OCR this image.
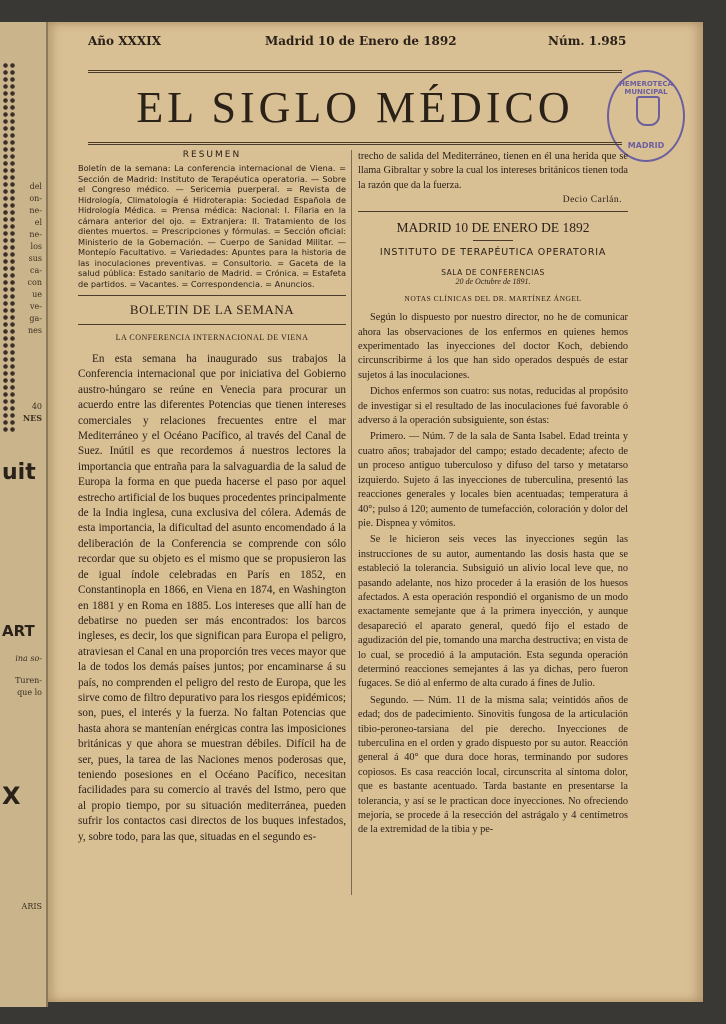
del
on-
ne-
el
ne-
los
sus
ca-
con
ue
ve-
ga-
nes
40
NES
uit
ART
ina so-
Turen-
que lo
X
ARIS
Año XXXIX	Madrid 10 de Enero de 1892	Núm. 1.985
EL SIGLO MÉDICO	HEMEROTECA MUNICIPAL
MADRID
RESUMEN
Boletín de la semana: La conferencia internacional de Viena. = Sección de Madrid: Instituto de Terapéutica operatoria. — Sobre el Congreso médico. — Sericemia puerperal. = Revista de Hidrología, Climatología é Hidroterapia: Sociedad Española de Hidrología Médica. = Prensa médica: Nacional: I. Fílaria en la cámara anterior del ojo. = Extranjera: II. Tratamiento de los dientes muertos. = Prescripciones y fórmulas. = Sección oficial: Ministerio de la Gobernación. — Cuerpo de Sanidad Militar. — Montepío Facultativo. = Variedades: Apuntes para la historia de las inoculaciones preventivas. = Consultorio. = Gaceta de la salud pública: Estado sanitario de Madrid. = Crónica. = Estafeta de partidos. = Vacantes. = Correspondencia. = Anuncios.
BOLETIN DE LA SEMANA
LA CONFERENCIA INTERNACIONAL DE VIENA
En esta semana ha inaugurado sus trabajos la Conferencia internacional que por iniciativa del Gobierno austro-húngaro se reúne en Venecia para procurar un acuerdo entre las diferentes Potencias que tienen intereses comerciales y relaciones frecuentes entre el mar Mediterráneo y el Océano Pacífico, al través del Canal de Suez. Inútil es que recordemos á nuestros lectores la importancia que entraña para la salvaguardia de la salud de Europa la forma en que pueda hacerse el paso por aquel estrecho artificial de los buques procedentes principalmente de la India inglesa, cuna exclusiva del cólera. Además de esta importancia, la dificultad del asunto encomendado á la deliberación de la Conferencia se comprende con sólo recordar que su objeto es el mismo que se propusieron las de igual índole celebradas en París en 1852, en Constantinopla en 1866, en Viena en 1874, en Washington en 1881 y en Roma en 1885. Los intereses que allí han de debatirse no pueden ser más encontrados: los barcos ingleses, es decir, los que significan para Europa el peligro, atraviesan el Canal en una proporción tres veces mayor que la de todos los demás países juntos; por encaminarse á su país, no comprenden el peligro del resto de Europa, que les sirve como de filtro depurativo para los riesgos epidémicos; son, pues, el interés y la fuerza. No faltan Potencias que hasta ahora se mantenían enérgicas contra las imposiciones británicas y que ahora se muestran débiles. Difícil ha de ser, pues, la tarea de las Naciones menos poderosas que, teniendo posesiones en el Océano Pacífico, necesitan facilidades para su comercio al través del Istmo, pero que al propio tiempo, por su situación mediterránea, pueden sufrir los contactos casi directos de los buques infestados, y, sobre todo, para las que, situadas en el segundo es-
trecho de salida del Mediterráneo, tienen en él una herida que se llama Gibraltar y sobre la cual los intereses británicos tienen toda la razón que da la fuerza.
Decio Carlán.
MADRID 10 DE ENERO DE 1892
INSTITUTO DE TERAPÉUTICA OPERATORIA
SALA DE CONFERENCIAS
20 de Octubre de 1891.
NOTAS CLÍNICAS DEL DR. MARTÍNEZ ÁNGEL

Según lo dispuesto por nuestro director, no he de comunicar ahora las observaciones de los enfermos en quienes hemos experimentado las inyecciones del doctor Koch, debiendo circunscribirme á los que han sido operados después de estar sujetos á las inoculaciones.

Dichos enfermos son cuatro: sus notas, reducidas al propósito de investigar si el resultado de las inoculaciones fué favorable ó adverso á la operación subsiguiente, son éstas:

Primero. — Núm. 7 de la sala de Santa Isabel. Edad treinta y cuatro años; trabajador del campo; estado decadente; afecto de un proceso antiguo tuberculoso y difuso del tarso y metatarso izquierdo. Sujeto á las inyecciones de tuberculina, presentó las reacciones generales y locales bien acentuadas; temperatura á 40°; pulso á 120; aumento de tumefacción, coloración y dolor del pie. Dispnea y vómitos.

Se le hicieron seis veces las inyecciones según las instrucciones de su autor, aumentando las dosis hasta que se estableció la tolerancia. Subsiguió un alivio local leve que, no pasando adelante, nos hizo proceder á la erasión de los huesos afectados. A esta operación respondió el organismo de un modo exactamente semejante que á la primera inyección, y aunque desapareció el aparato general, quedó fijo el estado de agudización del pie, tomando una marcha destructiva; en vista de lo cual, se procedió á la amputación. Esta segunda operación determinó reacciones semejantes á las ya dichas, pero fueron fugaces. Se dió al enfermo de alta curado á fines de Julio.

Segundo. — Núm. 11 de la misma sala; veintidós años de edad; dos de padecimiento. Sinovitis fungosa de la articulación tibio-peroneo-tarsiana del pie derecho. Inyecciones de tuberculina en el orden y grado dispuesto por su autor. Reacción general á 40° que dura doce horas, terminando por sudores copiosos. Es casa reacción local, circunscrita al síntoma dolor, que es bastante acentuado. Tarda bastante en presentarse la tolerancia, y así se le practican doce inyecciones. No ofreciendo mejoría, se procede á la resección del astrágalo y 4 centímetros de la extremidad de la tibia y pe-
